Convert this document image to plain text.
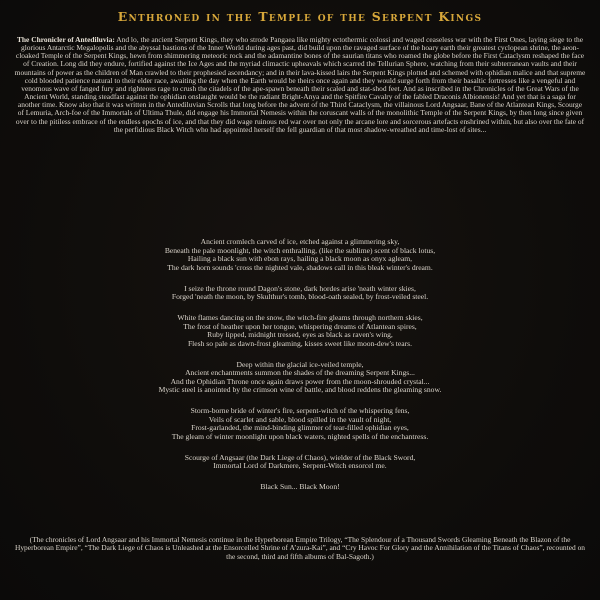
Enthroned in the Temple of the Serpent Kings
The Chronicler of Antediluvia: And lo, the ancient Serpent Kings, they who strode Pangaea like mighty ectothermic colossi and waged ceaseless war with the First Ones, laying siege to the glorious Antarctic Megalopolis and the abyssal bastions of the Inner World during ages past, did build upon the ravaged surface of the hoary earth their greatest cyclopean shrine, the aeon-cloaked Temple of the Serpent Kings, hewn from shimmering meteoric rock and the adamantine bones of the saurian titans who roamed the globe before the First Cataclysm reshaped the face of Creation. Long did they endure, fortified against the Ice Ages and the myriad climactic upheavals which scarred the Tellurian Sphere, watching from their subterranean vaults and their mountains of power as the children of Man crawled to their prophesied ascendancy; and in their lava-kissed lairs the Serpent Kings plotted and schemed with ophidian malice and that supreme cold blooded patience natural to their elder race, awaiting the day when the Earth would be theirs once again and they would surge forth from their basaltic fortresses like a vengeful and venomous wave of fanged fury and righteous rage to crush the citadels of the ape-spawn beneath their scaled and stat-shod feet. And as inscribed in the Chronicles of the Great Wars of the Ancient World, standing steadfast against the ophidian onslaught would be the radiant Bright-Anya and the Spitfire Cavalry of the fabled Draconis Albionensis! And yet that is a saga for another time. Know also that it was written in the Antediluvian Scrolls that long before the advent of the Third Cataclysm, the villainous Lord Angsaar, Bane of the Atlantean Kings, Scourge of Lemuria, Arch-foe of the Immortals of Ultima Thule, did engage his Immortal Nemesis within the coruscant walls of the monolithic Temple of the Serpent Kings, by then long since given over to the pitiless embrace of the endless epochs of ice, and that they did wage ruinous red war over not only the arcane lore and sorcerous artefacts enshrined within, but also over the fate of the perfidious Black Witch who had appointed herself the fell guardian of that most shadow-wreathed and time-lost of sites...
Ancient cromlech carved of ice, etched against a glimmering sky,
Beneath the pale moonlight, the witch enthralling, (like the sublime) scent of black lotus,
Hailing a black sun with ebon rays, hailing a black moon as onyx agleam,
The dark horn sounds 'cross the nighted vale, shadows call in this bleak winter's dream.
I seize the throne round Dagon's stone, dark hordes arise 'neath winter skies,
Forged 'neath the moon, by Skulthur's tomb, blood-oath sealed, by frost-veiled steel.
White flames dancing on the snow, the witch-fire gleams through northern skies,
The frost of heather upon her tongue, whispering dreams of Atlantean spires,
Ruby lipped, midnight tressed, eyes as black as raven's wing,
Flesh so pale as dawn-frost gleaming, kisses sweet like moon-dew's tears.
Deep within the glacial ice-veiled temple,
Ancient enchantments summon the shades of the dreaming Serpent Kings...
And the Ophidian Throne once again draws power from the moon-shrouded crystal...
Mystic steel is anointed by the crimson wine of battle, and blood reddens the gleaming snow.
Storm-borne bride of winter's fire, serpent-witch of the whispering fens,
Veils of scarlet and sable, blood spilled in the vault of night,
Frost-garlanded, the mind-binding glimmer of tear-filled ophidian eyes,
The gleam of winter moonlight upon black waters, nighted spells of the enchantress.
Scourge of Angsaar (the Dark Liege of Chaos), wielder of the Black Sword,
Immortal Lord of Darkmere, Serpent-Witch ensorcel me.
Black Sun... Black Moon!
(The chronicles of Lord Angsaar and his Immortal Nemesis continue in the Hyperborean Empire Trilogy, “The Splendour of a Thousand Swords Gleaming Beneath the Blazon of the Hyperborean Empire”, “The Dark Liege of Chaos is Unleashed at the Ensorcelled Shrine of A’zura-Kai”, and “Cry Havoc For Glory and the Annihilation of the Titans of Chaos”, recounted on the second, third and fifth albums of Bal-Sagoth.)
